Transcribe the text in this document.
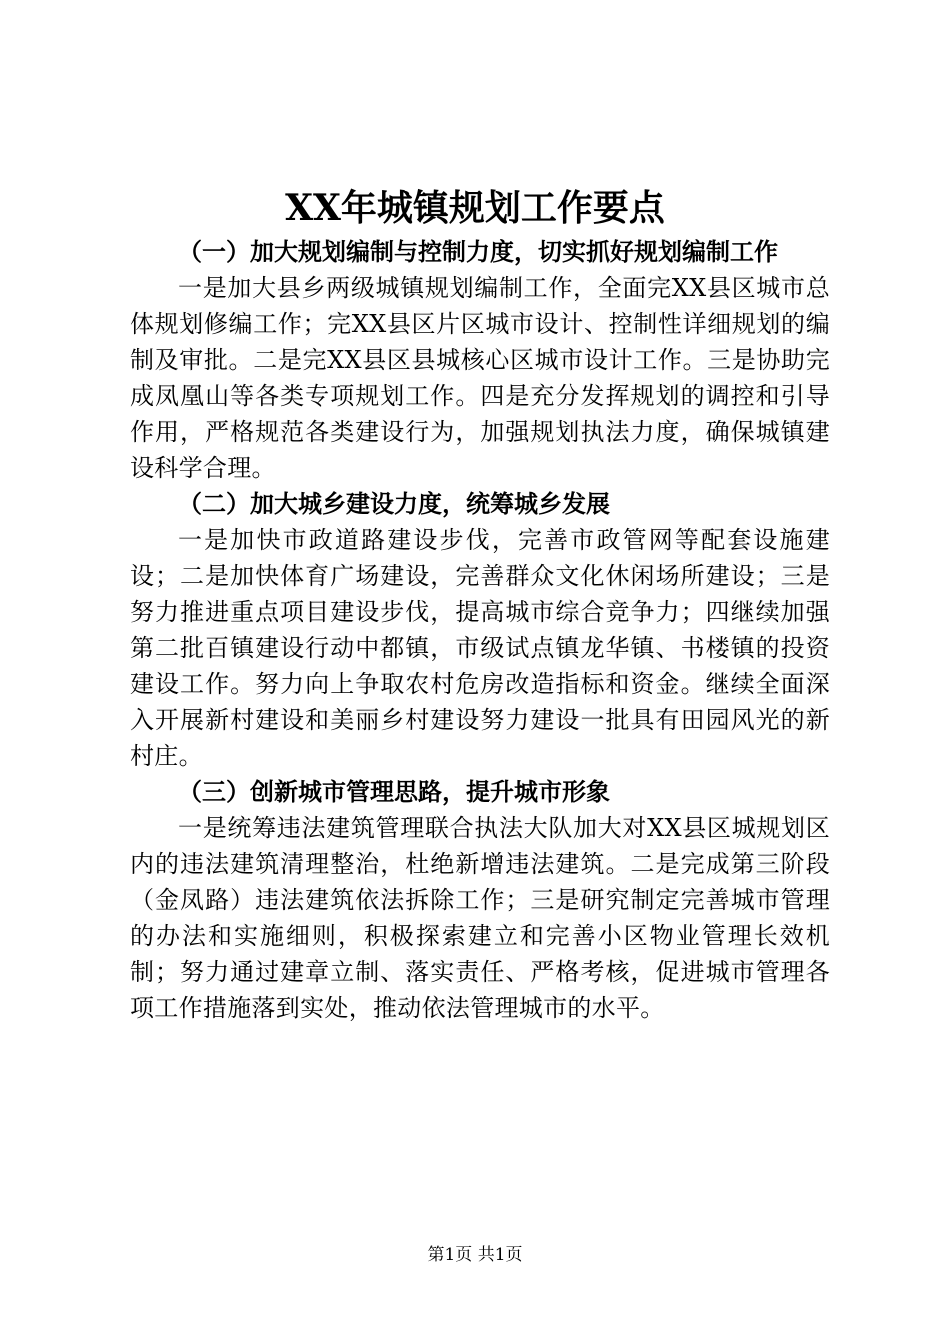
XX年城镇规划工作要点

（一）加大规划编制与控制力度，切实抓好规划编制工作

一是加大县乡两级城镇规划编制工作，全面完XX县区城市总体规划修编工作；完XX县区片区城市设计、控制性详细规划的编制及审批。二是完XX县区县城核心区城市设计工作。三是协助完成凤凰山等各类专项规划工作。四是充分发挥规划的调控和引导作用，严格规范各类建设行为，加强规划执法力度，确保城镇建设科学合理。

（二）加大城乡建设力度，统筹城乡发展

一是加快市政道路建设步伐，完善市政管网等配套设施建设；二是加快体育广场建设，完善群众文化休闲场所建设；三是努力推进重点项目建设步伐，提高城市综合竞争力；四继续加强第二批百镇建设行动中都镇，市级试点镇龙华镇、书楼镇的投资建设工作。努力向上争取农村危房改造指标和资金。继续全面深入开展新村建设和美丽乡村建设努力建设一批具有田园风光的新村庄。

（三）创新城市管理思路，提升城市形象

一是统筹违法建筑管理联合执法大队加大对XX县区城规划区内的违法建筑清理整治，杜绝新增违法建筑。二是完成第三阶段（金凤路）违法建筑依法拆除工作；三是研究制定完善城市管理的办法和实施细则，积极探索建立和完善小区物业管理长效机制；努力通过建章立制、落实责任、严格考核，促进城市管理各项工作措施落到实处，推动依法管理城市的水平。

第1页 共1页
